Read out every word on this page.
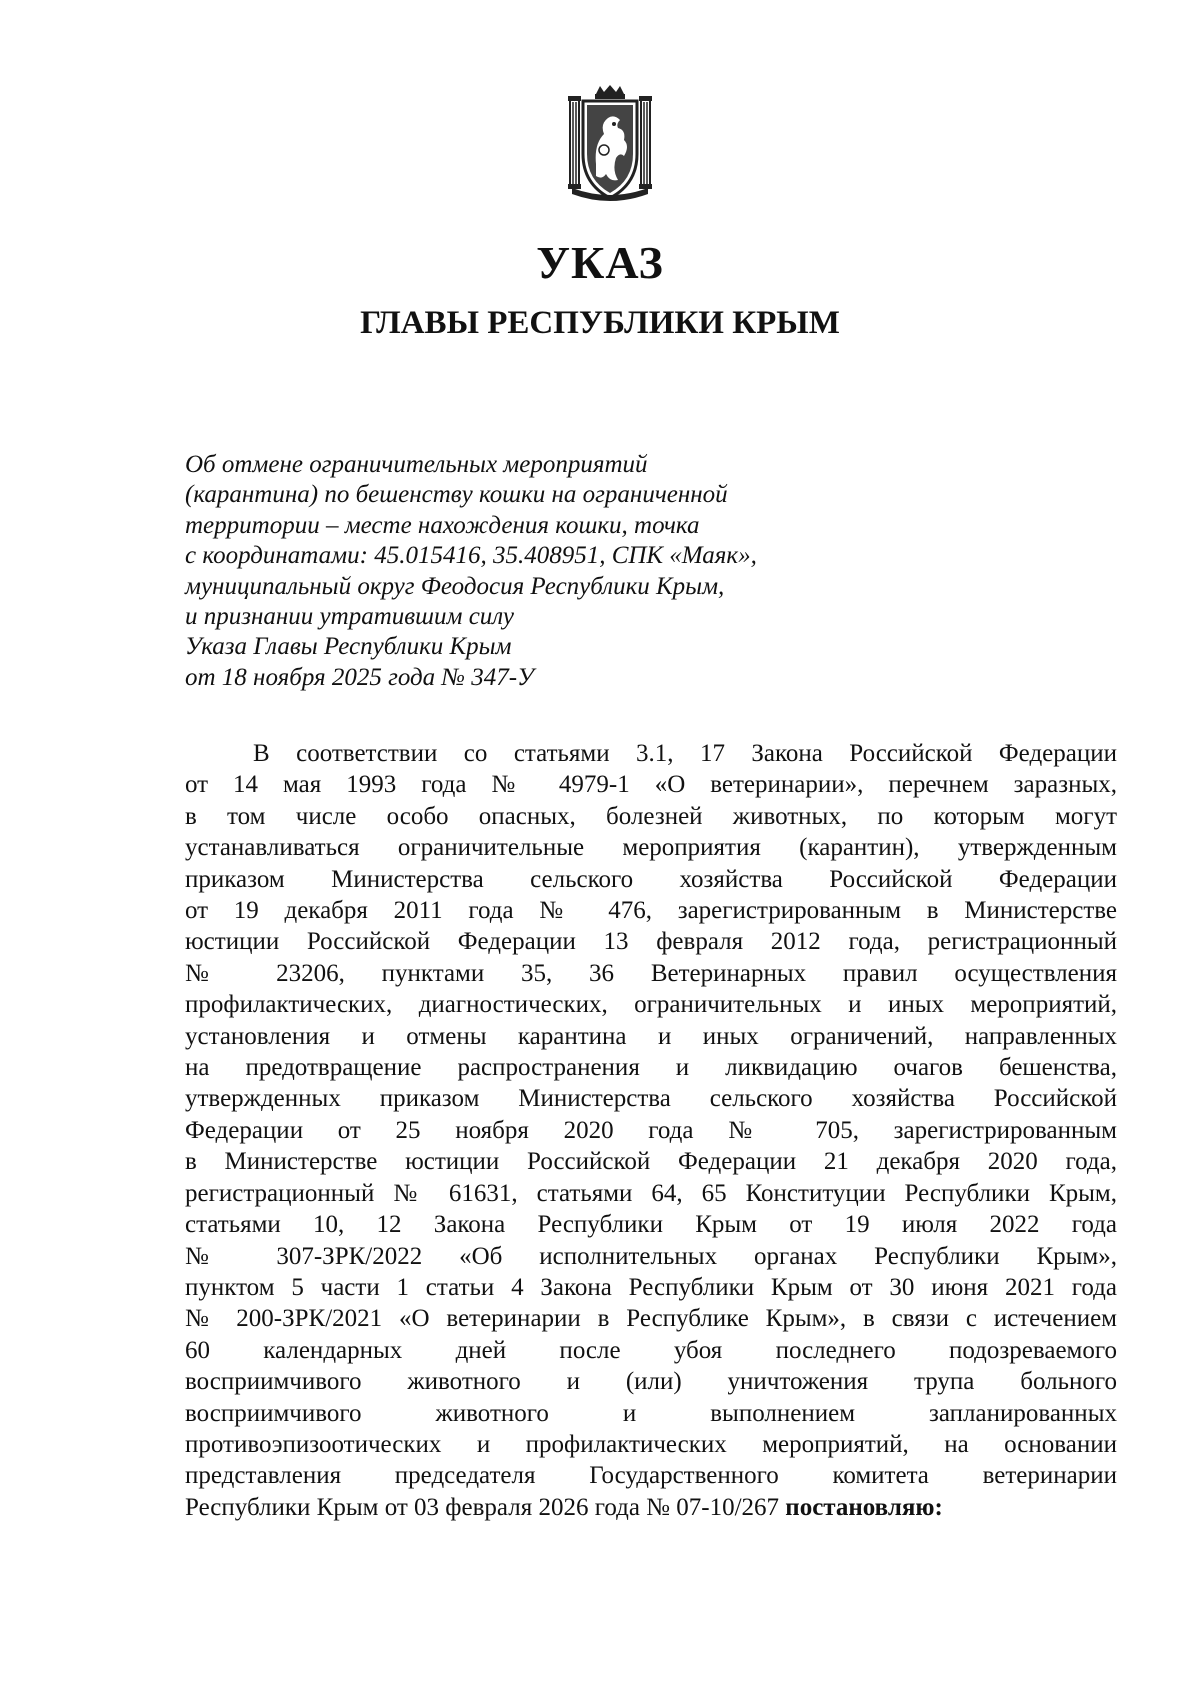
УКАЗ
ГЛАВЫ РЕСПУБЛИКИ КРЫМ
Об отмене ограничительных мероприятий
(карантина) по бешенству кошки на ограниченной
территории – месте нахождения кошки, точка
с координатами: 45.015416, 35.408951, СПК «Маяк»,
муниципальный округ Феодосия Республики Крым,
и признании утратившим силу
Указа Главы Республики Крым
от 18 ноября 2025 года № 347-У
В соответствии со статьями 3.1, 17 Закона Российской Федерации
от 14 мая 1993 года № 4979-1 «О ветеринарии», перечнем заразных,
в том числе особо опасных, болезней животных, по которым могут
устанавливаться ограничительные мероприятия (карантин), утвержденным
приказом Министерства сельского хозяйства Российской Федерации
от 19 декабря 2011 года № 476, зарегистрированным в Министерстве
юстиции Российской Федерации 13 февраля 2012 года, регистрационный
№ 23206, пунктами 35, 36 Ветеринарных правил осуществления
профилактических, диагностических, ограничительных и иных мероприятий,
установления и отмены карантина и иных ограничений, направленных
на предотвращение распространения и ликвидацию очагов бешенства,
утвержденных приказом Министерства сельского хозяйства Российской
Федерации от 25 ноября 2020 года № 705, зарегистрированным
в Министерстве юстиции Российской Федерации 21 декабря 2020 года,
регистрационный № 61631, статьями 64, 65 Конституции Республики Крым,
статьями 10, 12 Закона Республики Крым от 19 июля 2022 года
№ 307-ЗРК/2022 «Об исполнительных органах Республики Крым»,
пунктом 5 части 1 статьи 4 Закона Республики Крым от 30 июня 2021 года
№ 200-ЗРК/2021 «О ветеринарии в Республике Крым», в связи с истечением
60 календарных дней после убоя последнего подозреваемого
восприимчивого животного и (или) уничтожения трупа больного
восприимчивого животного и выполнением запланированных
противоэпизоотических и профилактических мероприятий, на основании
представления председателя Государственного комитета ветеринарии
Республики Крым от 03 февраля 2026 года № 07-10/267 постановляю:
